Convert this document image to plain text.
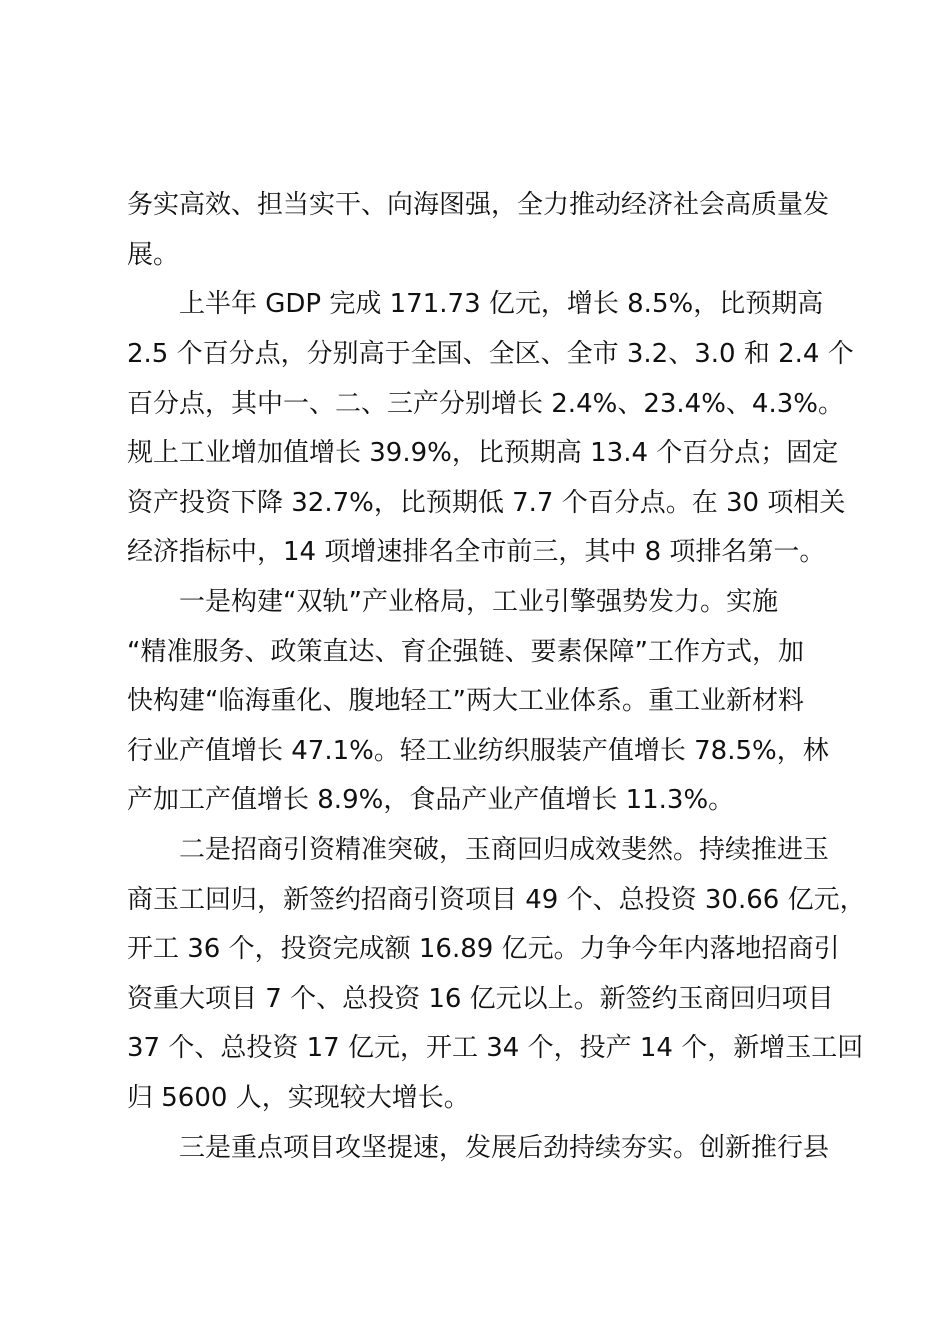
务实高效、担当实干、向海图强，全力推动经济社会高质量发

展。

上半年 GDP 完成 171.73 亿元，增长 8.5%，比预期高

2.5 个百分点，分别高于全国、全区、全市 3.2、3.0 和 2.4 个

百分点，其中一、二、三产分别增长 2.4%、23.4%、4.3%。

规上工业增加值增长 39.9%，比预期高 13.4 个百分点；固定

资产投资下降 32.7%，比预期低 7.7 个百分点。在 30 项相关

经济指标中，14 项增速排名全市前三，其中 8 项排名第一。

一是构建“双轨”产业格局，工业引擎强势发力。实施

“精准服务、政策直达、育企强链、要素保障”工作方式，加

快构建“临海重化、腹地轻工”两大工业体系。重工业新材料

行业产值增长 47.1%。轻工业纺织服装产值增长 78.5%，林

产加工产值增长 8.9%，食品产业产值增长 11.3%。

二是招商引资精准突破，玉商回归成效斐然。持续推进玉

商玉工回归，新签约招商引资项目 49 个、总投资 30.66 亿元，

开工 36 个，投资完成额 16.89 亿元。力争今年内落地招商引

资重大项目 7 个、总投资 16 亿元以上。新签约玉商回归项目

37 个、总投资 17 亿元，开工 34 个，投产 14 个，新增玉工回

归 5600 人，实现较大增长。

三是重点项目攻坚提速，发展后劲持续夯实。创新推行县
